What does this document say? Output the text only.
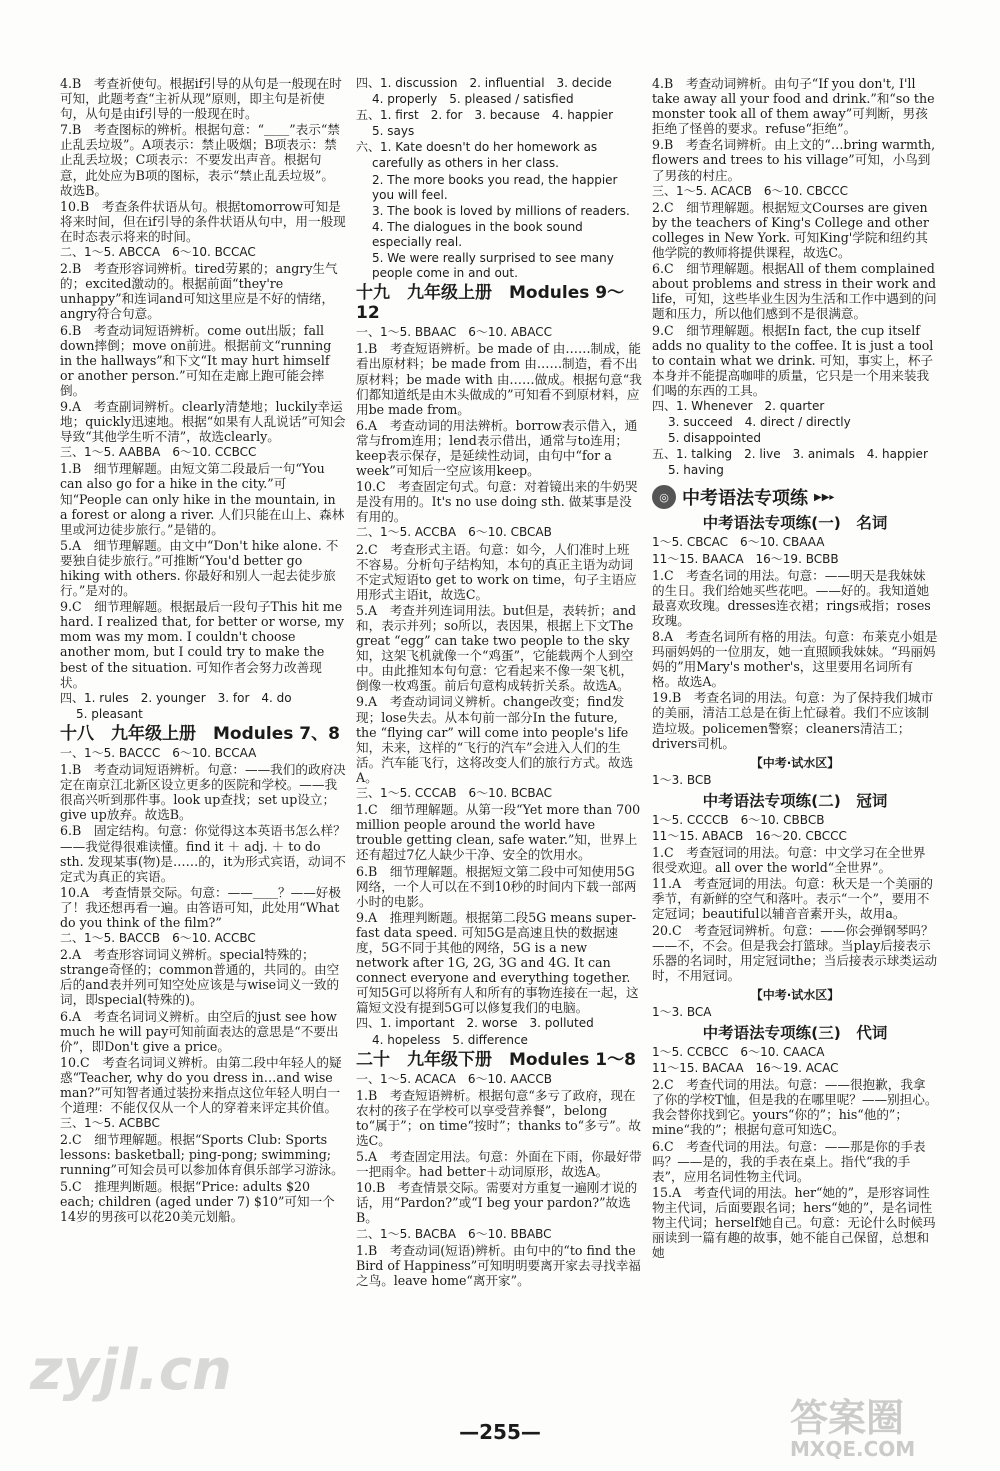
4.B　考查祈使句。根据if引导的从句是一般现在时可知，此题考查“主祈从现”原则，即主句是祈使句，从句是由if引导的一般现在时。

7.B　考查图标的辨析。根据句意：“＿＿”表示“禁止乱丢垃圾”。A项表示：禁止吸烟；B项表示：禁止乱丢垃圾；C项表示：不要发出声音。根据句意，此处应为B项的图标，表示“禁止乱丢垃圾”。故选B。

10.B　考查条件状语从句。根据tomorrow可知是将来时间，但在if引导的条件状语从句中，用一般现在时态表示将来的时间。

二、1～5. ABCCA　6～10. BCCAC

2.B　考查形容词辨析。tired劳累的；angry生气的；excited激动的。根据前面“they're unhappy”和连词and可知这里应是不好的情绪，angry符合句意。

6.B　考查动词短语辨析。come out出版；fall down摔倒；move on前进。根据前文“running in the hallways”和下文“It may hurt himself or another person.”可知在走廊上跑可能会摔倒。

9.A　考查副词辨析。clearly清楚地；luckily幸运地；quickly迅速地。根据“如果有人乱说话”可知会导致“其他学生听不清”，故选clearly。

三、1～5. AABBA　6～10. CCBCC

1.B　细节理解题。由短文第二段最后一句“You can also go for a hike in the city.”可知“People can only hike in the mountain, in a forest or along a river. 人们只能在山上、森林里或河边徒步旅行。”是错的。

5.A　细节理解题。由文中“Don't hike alone. 不要独自徒步旅行。”可推断“You'd better go hiking with others. 你最好和别人一起去徒步旅行。”是对的。

9.C　细节理解题。根据最后一段句子This hit me hard. I realized that, for better or worse, my mom was my mom. I couldn't choose another mom, but I could try to make the best of the situation. 可知作者会努力改善现状。

四、1. rules　2. younger　3. for　4. do

5. pleasant

十八　九年级上册　Modules 7、8

一、1～5. BACCC　6～10. BCCAA

1.B　考查动词短语辨析。句意：——我们的政府决定在南京江北新区设立更多的医院和学校。——我很高兴听到那件事。look up查找；set up设立；give up放弃。故选B。

6.B　固定结构。句意：你觉得这本英语书怎么样？——我觉得很难读懂。find it ＋ adj. ＋ to do sth. 发现某事(物)是……的，it为形式宾语，动词不定式为真正的宾语。

10.A　考查情景交际。句意：——＿＿？——好极了！我还想再看一遍。由答语可知，此处用“What do you think of the film?”

二、1～5. BACCB　6～10. ACCBC

2.A　考查形容词词义辨析。special特殊的；strange奇怪的；common普通的，共同的。由空后的and表并列可知空处应该是与wise词义一致的词，即special(特殊的)。

6.A　考查名词词义辨析。由空后的just see how much he will pay可知前面表达的意思是“不要出价”，即Don't give a price。

10.C　考查名词词义辨析。由第二段中年轻人的疑惑“Teacher, why do you dress in…and wise man?”可知智者通过装扮来指点这位年轻人明白一个道理：不能仅仅从一个人的穿着来评定其价值。

三、1～5. ACBBC

2.C　细节理解题。根据“Sports Club: Sports lessons: basketball; ping-pong; swimming; running”可知会员可以参加体育俱乐部学习游泳。

5.C　推理判断题。根据“Price: adults $20 each; children (aged under 7) $10”可知一个14岁的男孩可以花20美元划船。

四、1. discussion　2. influential　3. decide

4. properly　5. pleased / satisfied

五、1. first　2. for　3. because　4. happier

5. says

六、1. Kate doesn't do her homework as

carefully as others in her class.

2. The more books you read, the happier you will feel.

3. The book is loved by millions of readers.

4. The dialogues in the book sound especially real.

5. We were really surprised to see many people come in and out.

十九　九年级上册　Modules 9～12

一、1～5. BBAAC　6～10. ABACC

1.B　考查短语辨析。be made of 由……制成，能看出原材料；be made from 由……制造，看不出原材料；be made with 由……做成。根据句意“我们都知道纸是由木头做成的”可知看不到原材料，应用be made from。

6.A　考查动词的用法辨析。borrow表示借入，通常与from连用；lend表示借出，通常与to连用；keep表示保存，是延续性动词，由句中“for a week”可知后一空应该用keep。

10.C　考查固定句式。句意：对着镜出来的牛奶哭是没有用的。It's no use doing sth. 做某事是没有用的。

二、1～5. ACCBA　6～10. CBCAB

2.C　考查形式主语。句意：如今，人们准时上班不容易。分析句子结构知，本句的真正主语为动词不定式短语to get to work on time，句子主语应用形式主语it，故选C。

5.A　考查并列连词用法。but但是，表转折；and和，表示并列；so所以，表因果，根据上下文The great “egg” can take two people to the sky知，这架飞机就像一个“鸡蛋”，它能载两个人到空中。由此推知本句句意：它看起来不像一架飞机，倒像一枚鸡蛋。前后句意构成转折关系。故选A。

9.A　考查动词词义辨析。change改变；find发现；lose失去。从本句前一部分In the future, the “flying car” will come into people's life知，未来，这样的“飞行的汽车”会进入人们的生活。汽车能飞行，这将改变人们的旅行方式。故选A。

三、1～5. CCCAB　6～10. BCBAC

1.C　细节理解题。从第一段“Yet more than 700 million people around the world have trouble getting clean, safe water.”知，世界上还有超过7亿人缺少干净、安全的饮用水。

6.B　细节理解题。根据短文第二段中可知使用5G网络，一个人可以在不到10秒的时间内下载一部两小时的电影。

9.A　推理判断题。根据第二段5G means super-fast data speed. 可知5G是高速且快的数据速度，5G不同于其他的网络，5G is a new network after 1G, 2G, 3G and 4G. It can connect everyone and everything together. 可知5G可以将所有人和所有的事物连接在一起，这篇短文没有提到5G可以修复我们的电脑。

四、1. important　2. worse　3. polluted

4. hopeless　5. difference

二十　九年级下册　Modules 1～8

一、1～5. ACACA　6～10. AACCB

1.B　考查短语辨析。根据句意“多亏了政府，现在农村的孩子在学校可以享受营养餐”，belong to“属于”；on time“按时”；thanks to“多亏”。故选C。

5.A　考查固定用法。句意：外面在下雨，你最好带一把雨伞。had better＋动词原形，故选A。

10.B　考查情景交际。需要对方重复一遍刚才说的话，用“Pardon?”或“I beg your pardon?”故选B。

二、1～5. BACBA　6～10. BBABC

1.B　考查动词(短语)辨析。由句中的“to find the Bird of Happiness”可知明明要离开家去寻找幸福之鸟。leave home“离开家”。

4.B　考查动词辨析。由句子“If you don't, I'll take away all your food and drink.”和“so the monster took all of them away”可判断，男孩拒绝了怪兽的要求。refuse“拒绝”。

9.B　考查名词辨析。由上文的“…bring warmth, flowers and trees to his village”可知，小鸟到了男孩的村庄。

三、1～5. ACACB　6～10. CBCCC

2.C　细节理解题。根据短文Courses are given by the teachers of King's College and other colleges in New York. 可知King'学院和纽约其他学院的教师将提供课程，故选C。

6.C　细节理解题。根据All of them complained about problems and stress in their work and life，可知，这些毕业生因为生活和工作中遇到的问题和压力，所以他们感到不是很满意。

9.C　细节理解题。根据In fact, the cup itself adds no quality to the coffee. It is just a tool to contain what we drink. 可知，事实上，杯子本身并不能提高咖啡的质量，它只是一个用来装我们喝的东西的工具。

四、1. Whenever　2. quarter

3. succeed　4. direct / directly

5. disappointed

五、1. talking　2. live　3. animals　4. happier

5. having

◎ 中考语法专项练 ▶▶▸
中考语法专项练(一)　名词

1～5. CBCAC　6～10. CBAAA

11～15. BAACA　16～19. BCBB

1.C　考查名词的用法。句意：——明天是我妹妹的生日。我们给她买些花吧。——好的。我知道她最喜欢玫瑰。dresses连衣裙；rings戒指；roses玫瑰。

8.A　考查名词所有格的用法。句意：布莱克小姐是玛丽妈妈的一位朋友，她一直照顾我妹妹。“玛丽妈妈的”用Mary's mother's，这里要用名词所有格。故选A。

19.B　考查名词的用法。句意：为了保持我们城市的美丽，清洁工总是在街上忙碌着。我们不应该制造垃圾。policemen警察；cleaners清洁工；drivers司机。

【中考·试水区】

1～3. BCB

中考语法专项练(二)　冠词

1～5. CCCCB　6～10. CBBCB

11～15. ABACB　16～20. CBCCC

1.C　考查冠词的用法。句意：中文学习在全世界很受欢迎。all over the world“全世界”。

11.A　考查冠词的用法。句意：秋天是一个美丽的季节，有新鲜的空气和落叶。表示“一个”，要用不定冠词；beautiful以辅音音素开头，故用a。

20.C　考查冠词辨析。句意：——你会弹钢琴吗？——不，不会。但是我会打篮球。当play后接表示乐器的名词时，用定冠词the；当后接表示球类运动时，不用冠词。

【中考·试水区】

1～3. BCA

中考语法专项练(三)　代词

1～5. CCBCC　6～10. CAACA

11～15. BACAA　16～19. ACAC

2.C　考查代词的用法。句意：——很抱歉，我拿了你的学校T恤，但是我的在哪里呢？——别担心。我会替你找到它。yours“你的”；his“他的”；mine“我的”；根据句意可知选C。

6.C　考查代词的用法。句意：——那是你的手表吗？——是的，我的手表在桌上。指代“我的手表”，应用名词性物主代词。

15.A　考查代词的用法。her“她的”，是形容词性物主代词，后面要跟名词；hers“她的”，是名词性物主代词；herself她自己。句意：无论什么时候玛丽读到一篇有趣的故事，她不能自己保留，总想和她

—255—
zyjl.cn
答案圈
MXQE.COM
